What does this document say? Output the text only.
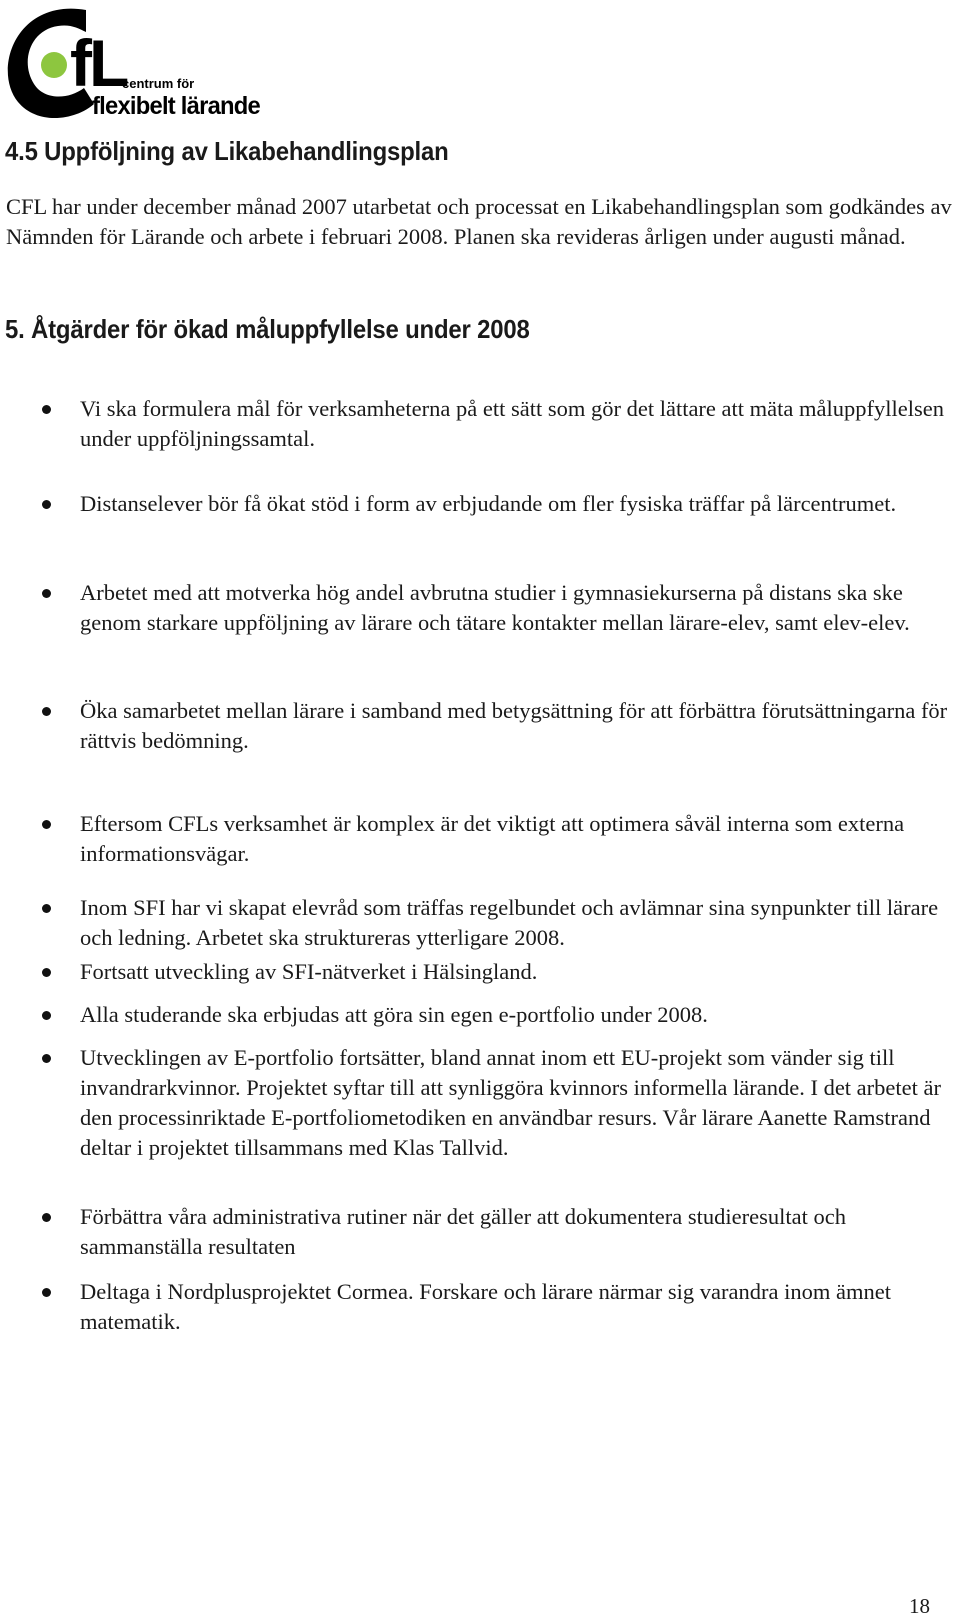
fL
centrum för
flexibelt lärande
4.5 Uppföljning av Likabehandlingsplan

CFL har under december månad 2007 utarbetat och processat en Likabehandlingsplan som godkändes av Nämnden för Lärande och arbete i februari 2008. Planen ska revideras årligen under augusti månad.

5. Åtgärder för ökad måluppfyllelse under 2008
Vi ska formulera mål för verksamheterna på ett sätt som gör det lättare att mäta måluppfyllelsen under uppföljningssamtal.
Distanselever bör få ökat stöd i form av erbjudande om fler fysiska träffar på lärcentrumet.
Arbetet med att motverka hög andel avbrutna studier i gymnasiekurserna på distans ska ske genom starkare uppföljning av lärare och tätare kontakter mellan lärare-elev, samt elev-elev.
Öka samarbetet mellan lärare i samband med betygsättning för att förbättra förutsättningarna för rättvis bedömning.
Eftersom CFLs verksamhet är komplex är det viktigt att optimera såväl interna som externa informationsvägar.
Inom SFI har vi skapat elevråd som träffas regelbundet och avlämnar sina synpunkter till lärare och ledning. Arbetet ska struktureras ytterligare 2008.
Fortsatt utveckling av SFI-nätverket i Hälsingland.
Alla studerande ska erbjudas att göra sin egen e-portfolio under 2008.
Utvecklingen av E-portfolio fortsätter, bland annat inom ett EU-projekt som vänder sig till invandrarkvinnor. Projektet syftar till att synliggöra kvinnors informella lärande. I det arbetet är den processinriktade E-portfoliometodiken en användbar resurs. Vår lärare Aanette Ramstrand deltar i projektet tillsammans med Klas Tallvid.
Förbättra våra administrativa rutiner när det gäller att dokumentera studieresultat och sammanställa resultaten
Deltaga i Nordplusprojektet Cormea. Forskare och lärare närmar sig varandra inom ämnet matematik.
18
